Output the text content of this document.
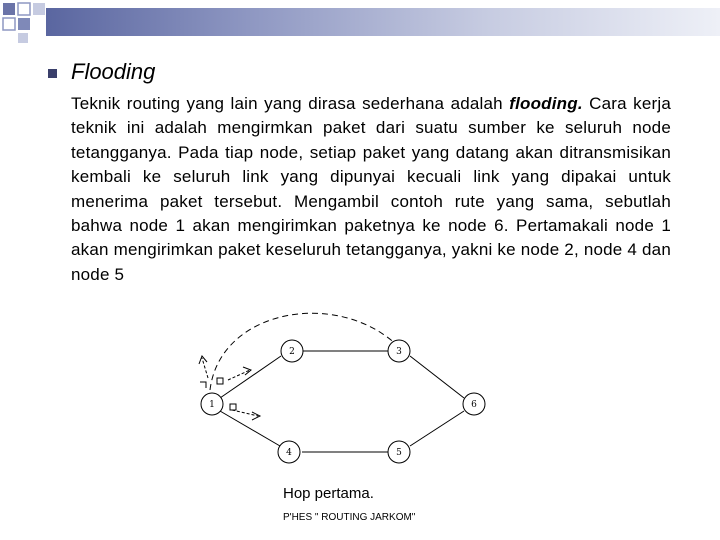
Flooding
Teknik routing yang lain yang dirasa sederhana adalah flooding. Cara kerja teknik ini adalah mengirmkan paket dari suatu sumber ke seluruh node tetangganya. Pada tiap node, setiap paket yang datang akan ditransmisikan kembali ke seluruh link yang dipunyai kecuali link yang dipakai untuk menerima paket tersebut. Mengambil contoh rute yang sama, sebutlah bahwa node 1 akan mengirimkan paketnya ke node 6. Pertamakali node 1 akan mengirimkan paket keseluruh tetangganya, yakni ke node 2, node 4 dan node 5
1
2	3
4	5
6
Hop pertama.
P'HES " ROUTING JARKOM"
